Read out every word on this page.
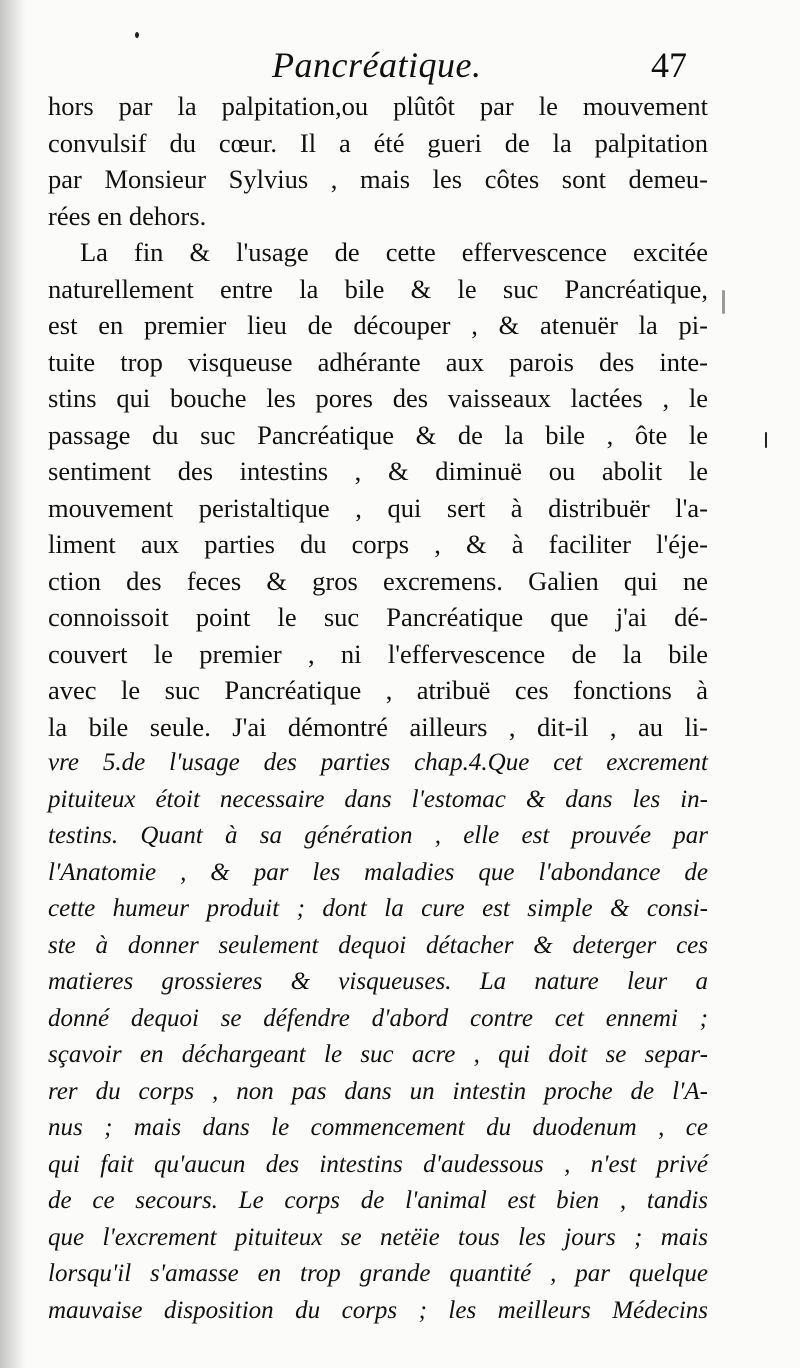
Pancréatique.	47
hors par la palpitation,ou plûtôt par le mouvement
convulsif du cœur. Il a été gueri de la palpitation
par Monsieur Sylvius , mais les côtes sont demeu-
rées en dehors.
La fin & l'usage de cette effervescence excitée
naturellement entre la bile & le suc Pancréatique,
est en premier lieu de découper , & atenuër la pi-
tuite trop visqueuse adhérante aux parois des inte-
stins qui bouche les pores des vaisseaux lactées , le
passage du suc Pancréatique & de la bile , ôte le
sentiment des intestins , & diminuë ou abolit le
mouvement peristaltique , qui sert à distribuër l'a-
liment aux parties du corps , & à faciliter l'éje-
ction des feces & gros excremens. Galien qui ne
connoissoit point le suc Pancréatique que j'ai dé-
couvert le premier , ni l'effervescence de la bile
avec le suc Pancréatique , atribuë ces fonctions à
la bile seule. J'ai démontré ailleurs , dit-il , au li-
vre 5.de l'usage des parties chap.4.Que cet excrement
pituiteux étoit necessaire dans l'estomac & dans les in-
testins. Quant à sa génération , elle est prouvée par
l'Anatomie , & par les maladies que l'abondance de
cette humeur produit ; dont la cure est simple & consi-
ste à donner seulement dequoi détacher & deterger ces
matieres grossieres & visqueuses. La nature leur a
donné dequoi se défendre d'abord contre cet ennemi ;
sçavoir en déchargeant le suc acre , qui doit se separ-
rer du corps , non pas dans un intestin proche de l'A-
nus ; mais dans le commencement du duodenum , ce
qui fait qu'aucun des intestins d'audessous , n'est privé
de ce secours. Le corps de l'animal est bien , tandis
que l'excrement pituiteux se netëie tous les jours ; mais
lorsqu'il s'amasse en trop grande quantité , par quelque
mauvaise disposition du corps ; les meilleurs Médecins
